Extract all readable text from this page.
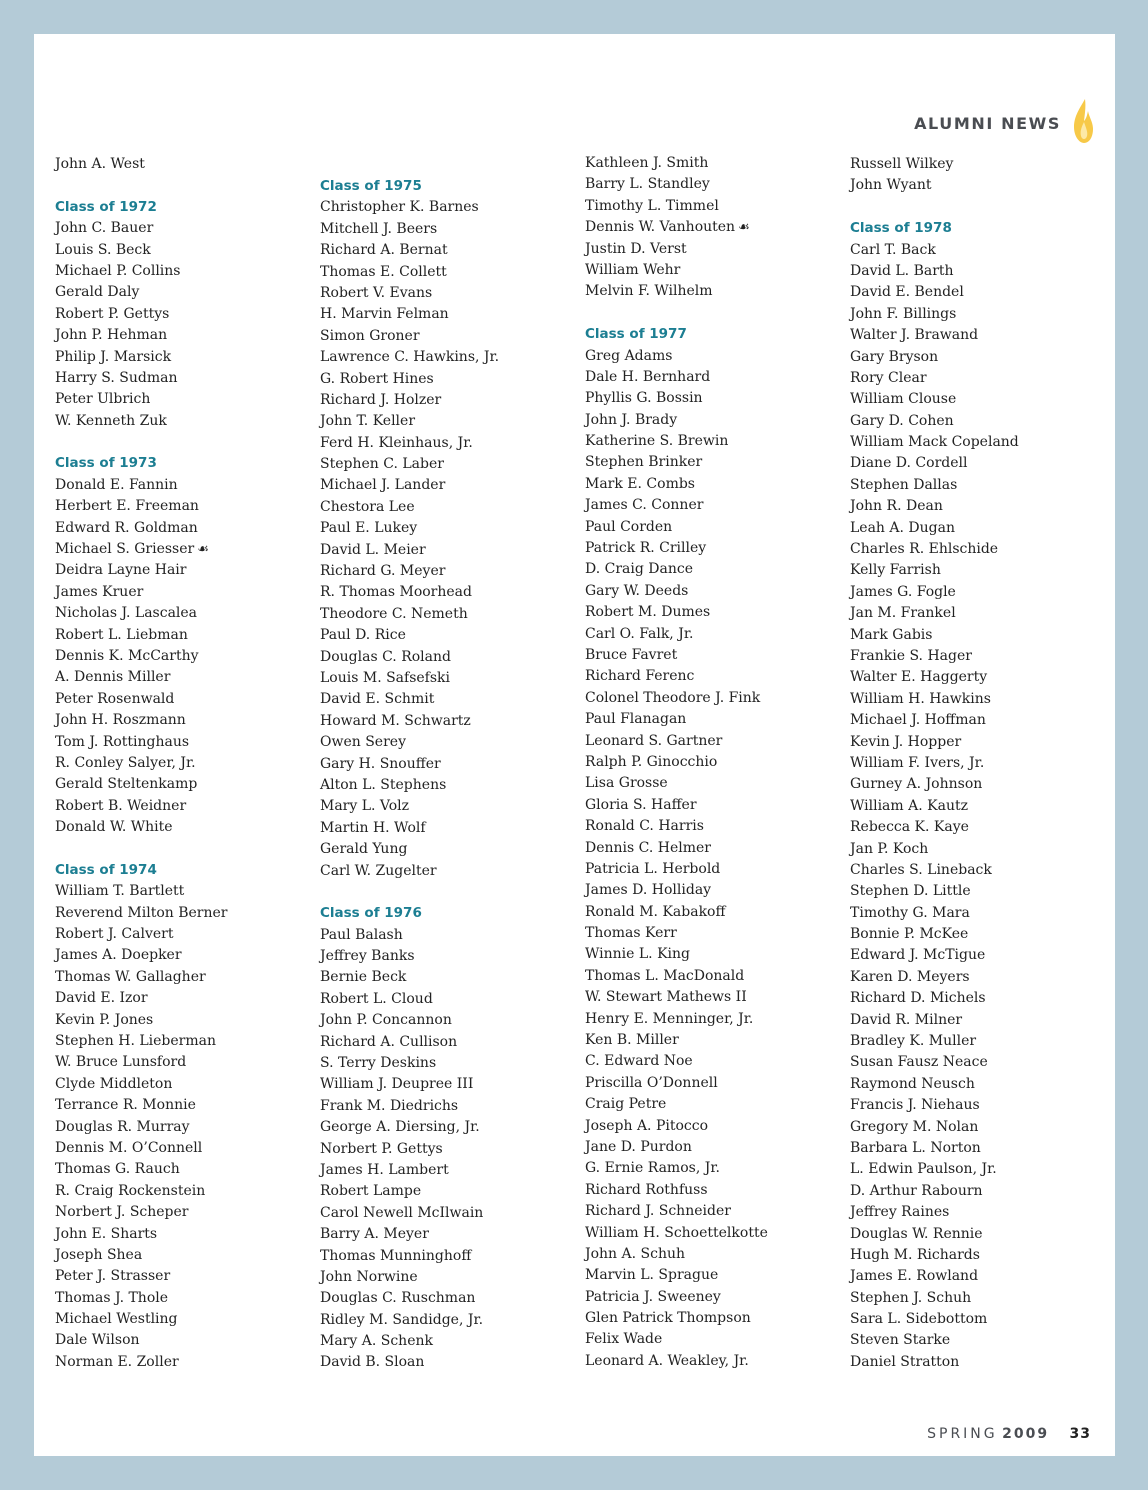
ALUMNI NEWS
John A. West
Class of 1972
John C. Bauer
Louis S. Beck
Michael P. Collins
Gerald Daly
Robert P. Gettys
John P. Hehman
Philip J. Marsick
Harry S. Sudman
Peter Ulbrich
W. Kenneth Zuk
Class of 1973
Donald E. Fannin
Herbert E. Freeman
Edward R. Goldman
Michael S. Griesser ☙
Deidra Layne Hair
James Kruer
Nicholas J. Lascalea
Robert L. Liebman
Dennis K. McCarthy
A. Dennis Miller
Peter Rosenwald
John H. Roszmann
Tom J. Rottinghaus
R. Conley Salyer, Jr.
Gerald Steltenkamp
Robert B. Weidner
Donald W. White
Class of 1974
William T. Bartlett
Reverend Milton Berner
Robert J. Calvert
James A. Doepker
Thomas W. Gallagher
David E. Izor
Kevin P. Jones
Stephen H. Lieberman
W. Bruce Lunsford
Clyde Middleton
Terrance R. Monnie
Douglas R. Murray
Dennis M. O’Connell
Thomas G. Rauch
R. Craig Rockenstein
Norbert J. Scheper
John E. Sharts
Joseph Shea
Peter J. Strasser
Thomas J. Thole
Michael Westling
Dale Wilson
Norman E. Zoller
Class of 1975
Christopher K. Barnes
Mitchell J. Beers
Richard A. Bernat
Thomas E. Collett
Robert V. Evans
H. Marvin Felman
Simon Groner
Lawrence C. Hawkins, Jr.
G. Robert Hines
Richard J. Holzer
John T. Keller
Ferd H. Kleinhaus, Jr.
Stephen C. Laber
Michael J. Lander
Chestora Lee
Paul E. Lukey
David L. Meier
Richard G. Meyer
R. Thomas Moorhead
Theodore C. Nemeth
Paul D. Rice
Douglas C. Roland
Louis M. Safsefski
David E. Schmit
Howard M. Schwartz
Owen Serey
Gary H. Snouffer
Alton L. Stephens
Mary L. Volz
Martin H. Wolf
Gerald Yung
Carl W. Zugelter
Class of 1976
Paul Balash
Jeffrey Banks
Bernie Beck
Robert L. Cloud
John P. Concannon
Richard A. Cullison
S. Terry Deskins
William J. Deupree III
Frank M. Diedrichs
George A. Diersing, Jr.
Norbert P. Gettys
James H. Lambert
Robert Lampe
Carol Newell McIlwain
Barry A. Meyer
Thomas Munninghoff
John Norwine
Douglas C. Ruschman
Ridley M. Sandidge, Jr.
Mary A. Schenk
David B. Sloan
Kathleen J. Smith
Barry L. Standley
Timothy L. Timmel
Dennis W. Vanhouten ☙
Justin D. Verst
William Wehr
Melvin F. Wilhelm
Class of 1977
Greg Adams
Dale H. Bernhard
Phyllis G. Bossin
John J. Brady
Katherine S. Brewin
Stephen Brinker
Mark E. Combs
James C. Conner
Paul Corden
Patrick R. Crilley
D. Craig Dance
Gary W. Deeds
Robert M. Dumes
Carl O. Falk, Jr.
Bruce Favret
Richard Ferenc
Colonel Theodore J. Fink
Paul Flanagan
Leonard S. Gartner
Ralph P. Ginocchio
Lisa Grosse
Gloria S. Haffer
Ronald C. Harris
Dennis C. Helmer
Patricia L. Herbold
James D. Holliday
Ronald M. Kabakoff
Thomas Kerr
Winnie L. King
Thomas L. MacDonald
W. Stewart Mathews II
Henry E. Menninger, Jr.
Ken B. Miller
C. Edward Noe
Priscilla O’Donnell
Craig Petre
Joseph A. Pitocco
Jane D. Purdon
G. Ernie Ramos, Jr.
Richard Rothfuss
Richard J. Schneider
William H. Schoettelkotte
John A. Schuh
Marvin L. Sprague
Patricia J. Sweeney
Glen Patrick Thompson
Felix Wade
Leonard A. Weakley, Jr.
Russell Wilkey
John Wyant
Class of 1978
Carl T. Back
David L. Barth
David E. Bendel
John F. Billings
Walter J. Brawand
Gary Bryson
Rory Clear
William Clouse
Gary D. Cohen
William Mack Copeland
Diane D. Cordell
Stephen Dallas
John R. Dean
Leah A. Dugan
Charles R. Ehlschide
Kelly Farrish
James G. Fogle
Jan M. Frankel
Mark Gabis
Frankie S. Hager
Walter E. Haggerty
William H. Hawkins
Michael J. Hoffman
Kevin J. Hopper
William F. Ivers, Jr.
Gurney A. Johnson
William A. Kautz
Rebecca K. Kaye
Jan P. Koch
Charles S. Lineback
Stephen D. Little
Timothy G. Mara
Bonnie P. McKee
Edward J. McTigue
Karen D. Meyers
Richard D. Michels
David R. Milner
Bradley K. Muller
Susan Fausz Neace
Raymond Neusch
Francis J. Niehaus
Gregory M. Nolan
Barbara L. Norton
L. Edwin Paulson, Jr.
D. Arthur Rabourn
Jeffrey Raines
Douglas W. Rennie
Hugh M. Richards
James E. Rowland
Stephen J. Schuh
Sara L. Sidebottom
Steven Starke
Daniel Stratton
SPRING 2009 33
